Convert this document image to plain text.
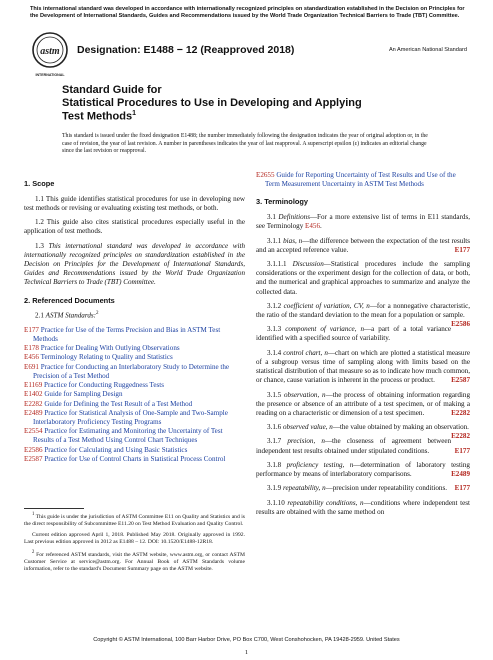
This international standard was developed in accordance with internationally recognized principles on standardization established in the Decision on Principles for the Development of International Standards, Guides and Recommendations issued by the World Trade Organization Technical Barriers to Trade (TBT) Committee.
astm
INTERNATIONAL
Designation: E1488 − 12 (Reapproved 2018)	An American National Standard
Standard Guide for
Statistical Procedures to Use in Developing and Applying
Test Methods$^1$
This standard is issued under the fixed designation E1488; the number immediately following the designation indicates the year of original adoption or, in the case of revision, the year of last revision. A number in parentheses indicates the year of last reapproval. A superscript epsilon (ε) indicates an editorial change since the last revision or reapproval.
1. Scope

1.1 This guide identifies statistical procedures for use in developing new test methods or revising or evaluating existing test methods, or both.

1.2 This guide also cites statistical procedures especially useful in the application of test methods.

1.3 This international standard was developed in accordance with internationally recognized principles on standardization established in the Decision on Principles for the Development of International Standards, Guides and Recommendations issued by the World Trade Organization Technical Barriers to Trade (TBT) Committee.

2. Referenced Documents

2.1 ASTM Standards:$^2$

E177 Practice for Use of the Terms Precision and Bias in ASTM Test Methods
E178 Practice for Dealing With Outlying Observations
E456 Terminology Relating to Quality and Statistics
E691 Practice for Conducting an Interlaboratory Study to Determine the Precision of a Test Method
E1169 Practice for Conducting Ruggedness Tests
E1402 Guide for Sampling Design
E2282 Guide for Defining the Test Result of a Test Method
E2489 Practice for Statistical Analysis of One-Sample and Two-Sample Interlaboratory Proficiency Testing Programs
E2554 Practice for Estimating and Monitoring the Uncertainty of Test Results of a Test Method Using Control Chart Techniques
E2586 Practice for Calculating and Using Basic Statistics
E2587 Practice for Use of Control Charts in Statistical Process Control

$^1$ This guide is under the jurisdiction of ASTM Committee E11 on Quality and Statistics and is the direct responsibility of Subcommittee E11.20 on Test Method Evaluation and Quality Control.

Current edition approved April 1, 2018. Published May 2018. Originally approved in 1992. Last previous edition approved in 2012 as E1488 – 12. DOI: 10.1520/E1488-12R18.

$^2$ For referenced ASTM standards, visit the ASTM website, www.astm.org, or contact ASTM Customer Service at service@astm.org. For Annual Book of ASTM Standards volume information, refer to the standard's Document Summary page on the ASTM website.

E2655 Guide for Reporting Uncertainty of Test Results and Use of the Term Measurement Uncertainty in ASTM Test Methods
3. Terminology

3.1 Definitions—For a more extensive list of terms in E11 standards, see Terminology E456.

3.1.1 bias, n—the difference between the expectation of the test results and an accepted reference value.	E177

3.1.1.1 Discussion—Statistical procedures include the sampling considerations or the experiment design for the collection of data, or both, and the numerical and graphical approaches to summarize and analyze the collected data.

3.1.2 coefficient of variation, CV, n—for a nonnegative characteristic, the ratio of the standard deviation to the mean for a population or sample.
E2586

3.1.3 component of variance, n—a part of a total variance identified with a specified source of variability.

3.1.4 control chart, n—chart on which are plotted a statistical measure of a subgroup versus time of sampling along with limits based on the statistical distribution of that measure so as to indicate how much common, or chance, cause variation is inherent in the process or product. E2587

3.1.5 observation, n—the process of obtaining information regarding the presence or absence of an attribute of a test specimen, or of making a reading on a characteristic or dimension of a test specimen.	E2282

3.1.6 observed value, n—the value obtained by making an observation.
E2282

3.1.7 precision, n—the closeness of agreement between independent test results obtained under stipulated conditions.	E177

3.1.8 proficiency testing, n—determination of laboratory testing performance by means of interlaboratory comparisons.	E2489

3.1.9 repeatability, n—precision under repeatability conditions. E177

3.1.10 repeatability conditions, n—conditions where independent test results are obtained with the same method on

Copyright © ASTM International, 100 Barr Harbor Drive, PO Box C700, West Conshohocken, PA 19428-2959. United States
1
